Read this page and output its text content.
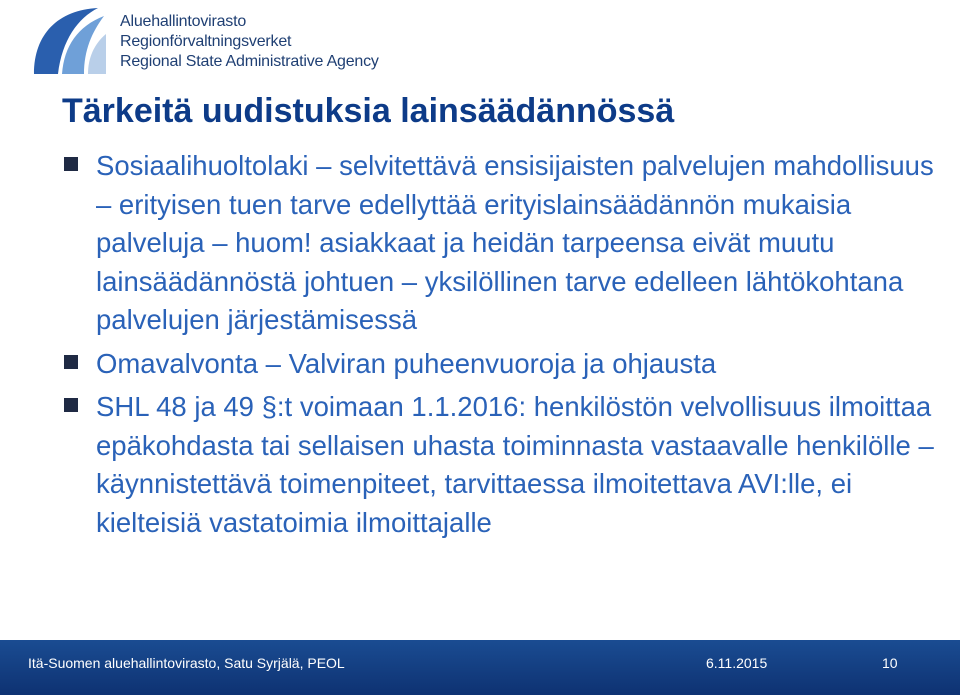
Aluehallintovirasto
Regionförvaltningsverket
Regional State Administrative Agency
Tärkeitä uudistuksia lainsäädännössä
Sosiaalihuoltolaki – selvitettävä ensisijaisten palvelujen mahdollisuus – erityisen tuen tarve edellyttää erityislainsäädännön mukaisia palveluja – huom! asiakkaat ja heidän tarpeensa eivät muutu lainsäädännöstä johtuen – yksilöllinen tarve edelleen lähtökohtana palvelujen järjestämisessä
Omavalvonta – Valviran puheenvuoroja ja ohjausta
SHL 48 ja 49 §:t voimaan 1.1.2016: henkilöstön velvollisuus ilmoittaa epäkohdasta tai sellaisen uhasta toiminnasta vastaavalle henkilölle – käynnistettävä toimenpiteet, tarvittaessa ilmoitettava AVI:lle, ei kielteisiä vastatoimia ilmoittajalle
Itä-Suomen aluehallintovirasto, Satu Syrjälä, PEOL	6.11.2015	10
